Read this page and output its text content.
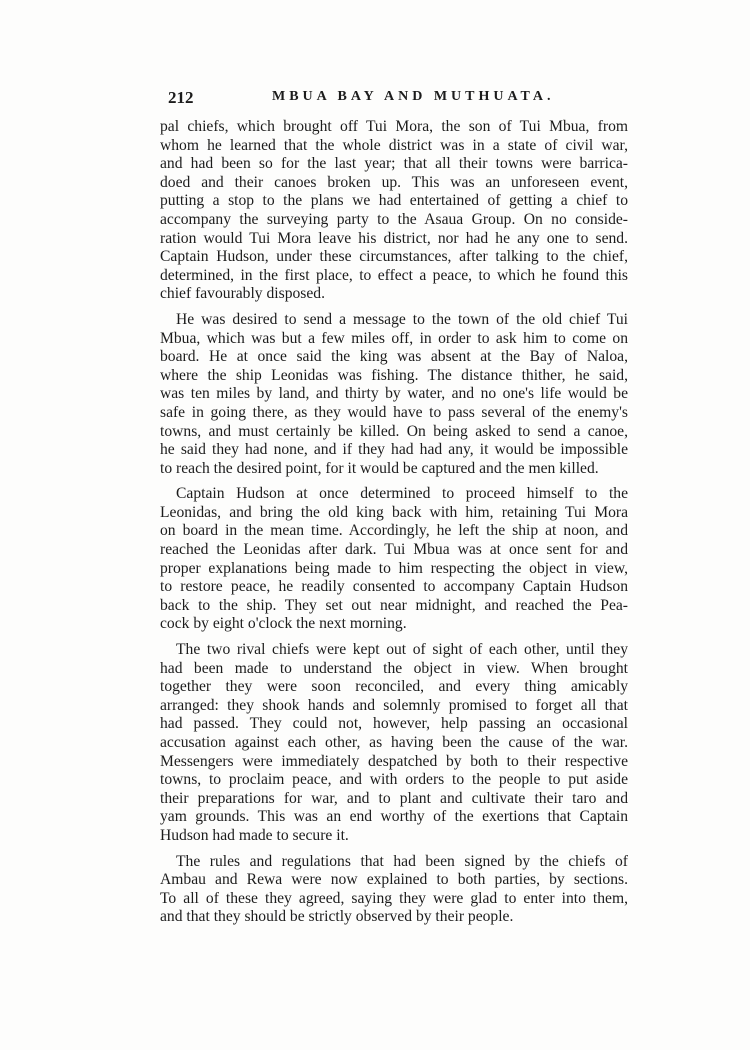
212	MBUA BAY AND MUTHUATA.

pal chiefs, which brought off Tui Mora, the son of Tui Mbua, from
whom he learned that the whole district was in a state of civil war,
and had been so for the last year; that all their towns were barrica-
doed and their canoes broken up. This was an unforeseen event,
putting a stop to the plans we had entertained of getting a chief to
accompany the surveying party to the Asaua Group. On no conside-
ration would Tui Mora leave his district, nor had he any one to send.
Captain Hudson, under these circumstances, after talking to the chief,
determined, in the first place, to effect a peace, to which he found this
chief favourably disposed.

He was desired to send a message to the town of the old chief Tui
Mbua, which was but a few miles off, in order to ask him to come on
board. He at once said the king was absent at the Bay of Naloa,
where the ship Leonidas was fishing. The distance thither, he said,
was ten miles by land, and thirty by water, and no one's life would be
safe in going there, as they would have to pass several of the enemy's
towns, and must certainly be killed. On being asked to send a canoe,
he said they had none, and if they had had any, it would be impossible
to reach the desired point, for it would be captured and the men killed.

Captain Hudson at once determined to proceed himself to the
Leonidas, and bring the old king back with him, retaining Tui Mora
on board in the mean time. Accordingly, he left the ship at noon, and
reached the Leonidas after dark. Tui Mbua was at once sent for and
proper explanations being made to him respecting the object in view,
to restore peace, he readily consented to accompany Captain Hudson
back to the ship. They set out near midnight, and reached the Pea-
cock by eight o'clock the next morning.

The two rival chiefs were kept out of sight of each other, until they
had been made to understand the object in view. When brought
together they were soon reconciled, and every thing amicably
arranged: they shook hands and solemnly promised to forget all that
had passed. They could not, however, help passing an occasional
accusation against each other, as having been the cause of the war.
Messengers were immediately despatched by both to their respective
towns, to proclaim peace, and with orders to the people to put aside
their preparations for war, and to plant and cultivate their taro and
yam grounds. This was an end worthy of the exertions that Captain
Hudson had made to secure it.

The rules and regulations that had been signed by the chiefs of
Ambau and Rewa were now explained to both parties, by sections.
To all of these they agreed, saying they were glad to enter into them,
and that they should be strictly observed by their people.
